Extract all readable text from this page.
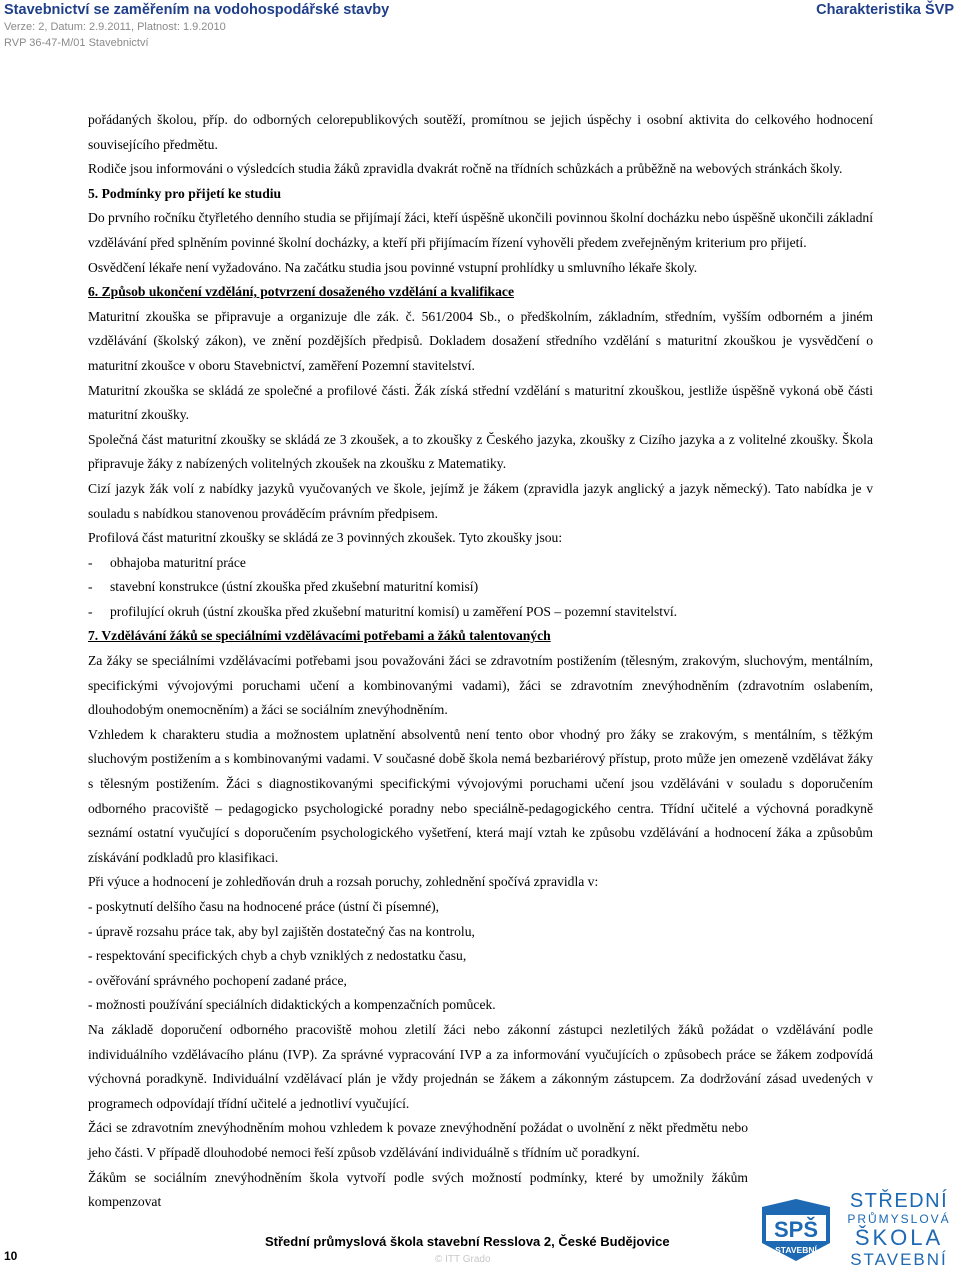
Stavebnictví se zaměřením na vodohospodářské stavby
Verze: 2, Datum: 2.9.2011, Platnost: 1.9.2010
RVP 36-47-M/01 Stavebnictví
Charakteristika ŠVP

pořádaných školou, příp. do odborných celorepublikových soutěží, promítnou se jejich úspěchy i osobní aktivita do celkového hodnocení souvisejícího předmětu.

Rodiče jsou informováni o výsledcích studia žáků zpravidla dvakrát ročně na třídních schůzkách a průběžně na webových stránkách školy.

5. Podmínky pro přijetí ke studiu

Do prvního ročníku čtyřletého denního studia se přijímají žáci, kteří úspěšně ukončili povinnou školní docházku nebo úspěšně ukončili základní vzdělávání před splněním povinné školní docházky, a kteří při přijímacím řízení vyhověli předem zveřejněným kriterium pro přijetí.

Osvědčení lékaře není vyžadováno. Na začátku studia jsou povinné vstupní prohlídky u smluvního lékaře školy.

6. Způsob ukončení vzdělání, potvrzení dosaženého vzdělání a kvalifikace

Maturitní zkouška se připravuje a organizuje dle zák. č. 561/2004 Sb., o předškolním, základním, středním, vyšším odborném a jiném vzdělávání (školský zákon), ve znění pozdějších předpisů. Dokladem dosažení středního vzdělání s maturitní zkouškou je vysvědčení o maturitní zkoušce v oboru Stavebnictví, zaměření Pozemní stavitelství.

Maturitní zkouška se skládá ze společné a profilové části. Žák získá střední vzdělání s maturitní zkouškou, jestliže úspěšně vykoná obě části maturitní zkoušky.

Společná část maturitní zkoušky se skládá ze 3 zkoušek, a to zkoušky z Českého jazyka, zkoušky z Cizího jazyka a z volitelné zkoušky. Škola připravuje žáky z nabízených volitelných zkoušek na zkoušku z Matematiky.

Cizí jazyk žák volí z nabídky jazyků vyučovaných ve škole, jejímž je žákem (zpravidla jazyk anglický a jazyk německý). Tato nabídka je v souladu s nabídkou stanovenou prováděcím právním předpisem.

Profilová část maturitní zkoušky se skládá ze 3 povinných zkoušek. Tyto zkoušky jsou:

- obhajoba maturitní práce

- stavební konstrukce (ústní zkouška před zkušební maturitní komisí)

- profilující okruh (ústní zkouška před zkušební maturitní komisí) u zaměření POS – pozemní stavitelství.

7. Vzdělávání žáků se speciálními vzdělávacími potřebami a žáků talentovaných

Za žáky se speciálními vzdělávacími potřebami jsou považováni žáci se zdravotním postižením (tělesným, zrakovým, sluchovým, mentálním, specifickými vývojovými poruchami učení a kombinovanými vadami), žáci se zdravotním znevýhodněním (zdravotním oslabením, dlouhodobým onemocněním) a žáci se sociálním znevýhodněním.

Vzhledem k charakteru studia a možnostem uplatnění absolventů není tento obor vhodný pro žáky se zrakovým, s mentálním, s těžkým sluchovým postižením a s kombinovanými vadami. V současné době škola nemá bezbariérový přístup, proto může jen omezeně vzdělávat žáky s tělesným postižením. Žáci s diagnostikovanými specifickými vývojovými poruchami učení jsou vzděláváni v souladu s doporučením odborného pracoviště – pedagogicko psychologické poradny nebo speciálně-pedagogického centra. Třídní učitelé a výchovná poradkyně seznámí ostatní vyučující s doporučením psychologického vyšetření, která mají vztah ke způsobu vzdělávání a hodnocení žáka a způsobům získávání podkladů pro klasifikaci.

Při výuce a hodnocení je zohledňován druh a rozsah poruchy, zohlednění spočívá zpravidla v:

- poskytnutí delšího času na hodnocené práce (ústní či písemné),

- úpravě rozsahu práce tak, aby byl zajištěn dostatečný čas na kontrolu,

- respektování specifických chyb a chyb vzniklých z nedostatku času,

- ověřování správného pochopení zadané práce,

- možnosti používání speciálních didaktických a kompenzačních pomůcek.

Na základě doporučení odborného pracoviště mohou zletilí žáci nebo zákonní zástupci nezletilých žáků požádat o vzdělávání podle individuálního vzdělávacího plánu (IVP). Za správné vypracování IVP a za informování vyučujících o způsobech práce se žákem zodpovídá výchovná poradkyně. Individuální vzdělávací plán je vždy projednán se žákem a zákonným zástupcem. Za dodržování zásad uvedených v programech odpovídají třídní učitelé a jednotliví vyučující.

Žáci se zdravotním znevýhodněním mohou vzhledem k povaze znevýhodnění požádat o uvolnění z někt předmětu nebo jeho části. V případě dlouhodobé nemoci řeší způsob vzdělávání individuálně s třídním uč poradkyní.

Žákům se sociálním znevýhodněním škola vytvoří podle svých možností podmínky, které by umožnily žákům kompenzovat

10
Střední průmyslová škola stavební Resslova 2, České Budějovice
© ITT Grado
SPŠ
STAVEBNÍ
STŘEDNÍ
PRŮMYSLOVÁ
ŠKOLA
STAVEBNÍ
